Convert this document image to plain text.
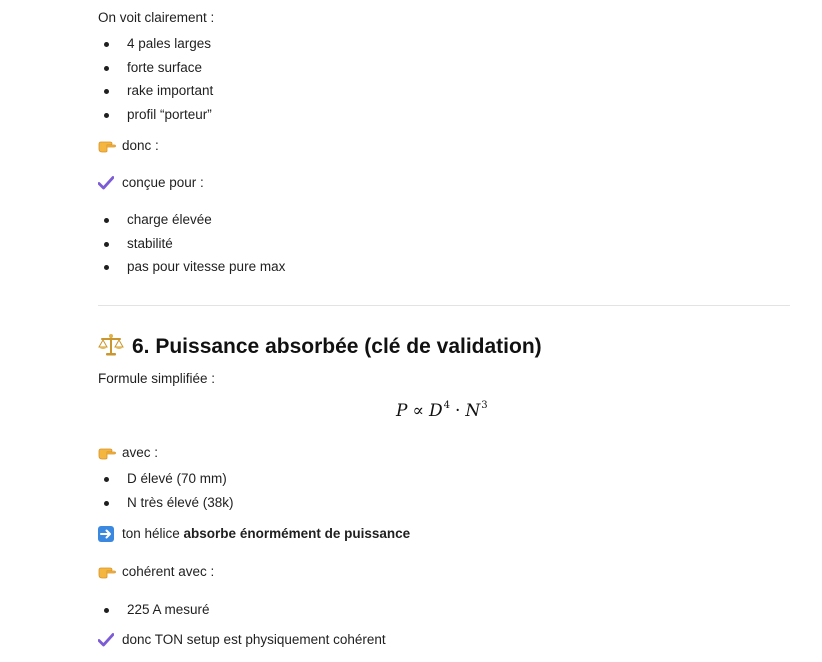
On voit clairement :
4 pales larges
forte surface
rake important
profil “porteur”
donc :
conçue pour :
charge élevée
stabilité
pas pour vitesse pure max
6. Puissance absorbée (clé de validation)
Formule simplifiée :
$P \propto D^4 \cdot N^3$
avec :
D élevé (70 mm)
N très élevé (38k)
ton hélice absorbe énormément de puissance
cohérent avec :
225 A mesuré
donc TON setup est physiquement cohérent
